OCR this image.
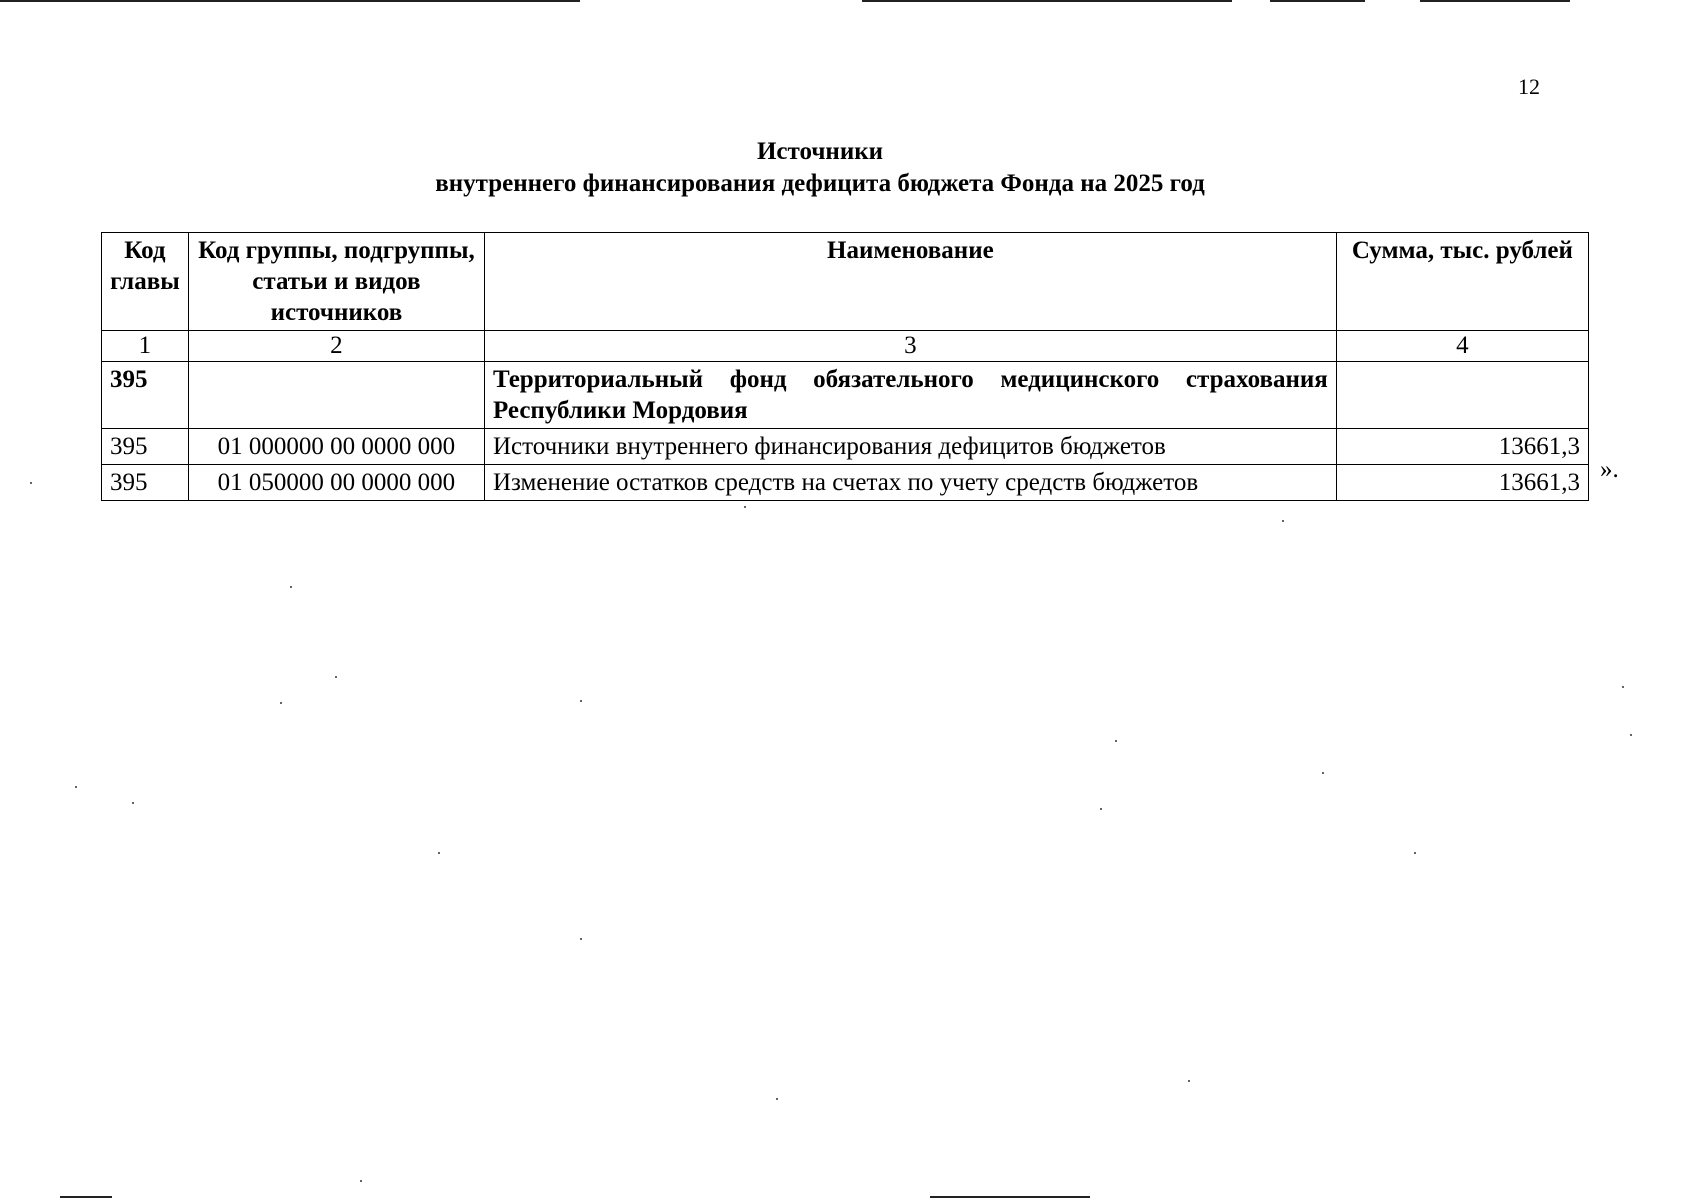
12
Источники
внутреннего финансирования дефицита бюджета Фонда на 2025 год
Код главы	Код группы, подгруппы, статьи и видов источников	Наименование	Сумма, тыс. рублей
1	2	3	4
395		Территориальный фонд обязательного медицинского страхования Республики Мордовия	
395	01 000000 00 0000 000	Источники внутреннего финансирования дефицитов бюджетов	13661,3
395	01 050000 00 0000 000	Изменение остатков средств на счетах по учету средств бюджетов	13661,3 ».
